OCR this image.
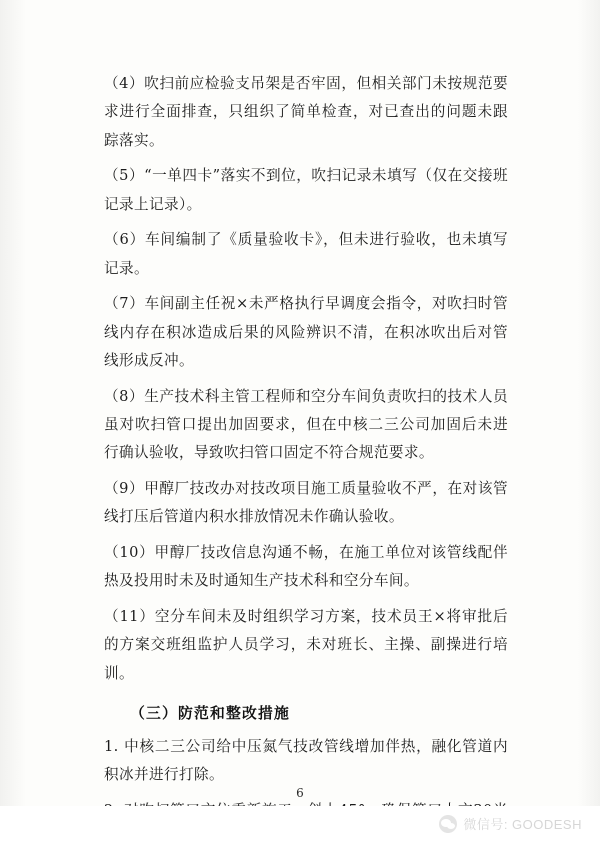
（4）吹扫前应检验支吊架是否牢固，但相关部门未按规范要求进行全面排查，只组织了简单检查，对已查出的问题未跟踪落实。

（5）“一单四卡”落实不到位，吹扫记录未填写（仅在交接班记录上记录）。

（6）车间编制了《质量验收卡》，但未进行验收，也未填写记录。

（7）车间副主任祝×未严格执行早调度会指令，对吹扫时管线内存在积冰造成后果的风险辨识不清，在积冰吹出后对管线形成反冲。

（8）生产技术科主管工程师和空分车间负责吹扫的技术人员虽对吹扫管口提出加固要求，但在中核二三公司加固后未进行确认验收，导致吹扫管口固定不符合规范要求。

（9）甲醇厂技改办对技改项目施工质量验收不严，在对该管线打压后管道内积水排放情况未作确认验收。

（10）甲醇厂技改信息沟通不畅，在施工单位对该管线配伴热及投用时未及时通知生产技术科和空分车间。

（11）空分车间未及时组织学习方案，技术员王×将审批后的方案交班组监护人员学习，未对班长、主操、副操进行培训。

（三）防范和整改措施

1. 中核二三公司给中压氮气技改管线增加伴热，融化管道内积冰并进行打除。

6
微信号: GOODESH
